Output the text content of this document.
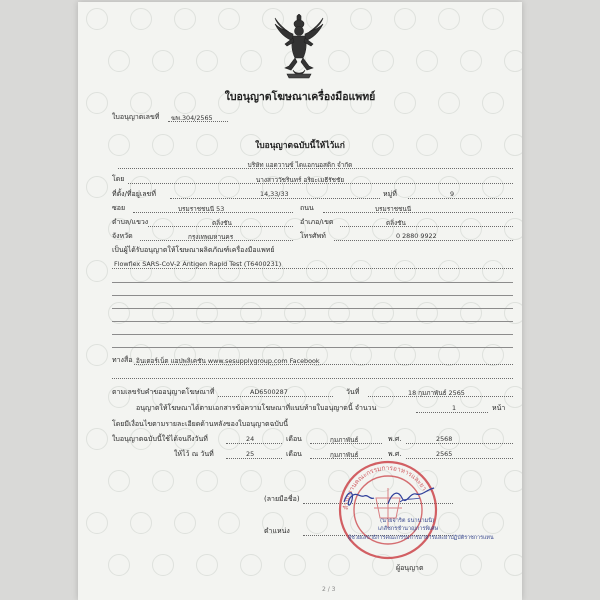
ใบอนุญาตโฆษณาเครื่องมือแพทย์
ใบอนุญาตเลขที่ ฆพ.304/2565
ใบอนุญาตฉบับนี้ให้ไว้แก่
บริษัท แอดวานซ์ ไดแอกนอสติก จำกัด
โดย	นางสาววัชรินทร์ อริยะเมธีรัชชัย
ที่ตั้ง/ที่อยู่เลขที่	14,33/33	หมู่ที่	9
ซอย	บรมราชชนนี 53	ถนน	บรมราชชนนี
ตำบล/แขวง	ตลิ่งชัน	อำเภอ/เขต	ตลิ่งชัน
จังหวัด	กรุงเทพมหานคร	โทรศัพท์	0 2880 9922
เป็นผู้ได้รับอนุญาตให้โฆษณาผลิตภัณฑ์เครื่องมือแพทย์
Flowflex SARS-CoV-2 Antigen Rapid Test (T6400231)
ทางสื่อ อินเตอร์เน็ต แอปพลิเคชัน www.sesupplygroup.com Facebook
ตามเลขรับคำขออนุญาตโฆษณาที่	AD6500287	วันที่	18 กุมภาพันธ์ 2565
อนุญาตให้โฆษณาได้ตามเอกสารข้อความโฆษณาที่แนบท้ายใบอนุญาตนี้ จำนวน	1	หน้า
โดยมีเงื่อนไขตามรายละเอียดด้านหลังของใบอนุญาตฉบับนี้
ใบอนุญาตฉบับนี้ใช้ได้จนถึงวันที่	24	เดือน	กุมภาพันธ์	พ.ศ.	2568
ให้ไว้ ณ วันที่	25	เดือน	กุมภาพันธ์	พ.ศ.	2565
(ลายมือชื่อ)
ตำแหน่ง
สำนักงานคณะกรรมการอาหารและยา
(นายจาริต ธนานามนิ)
เภสัชกรชำนาญการพิเศษ
ผู้ช่วยเลขาธิการคณะกรรมการอาหารและยาปฏิบัติราชการแทน
ผู้อนุญาต
2 / 3
